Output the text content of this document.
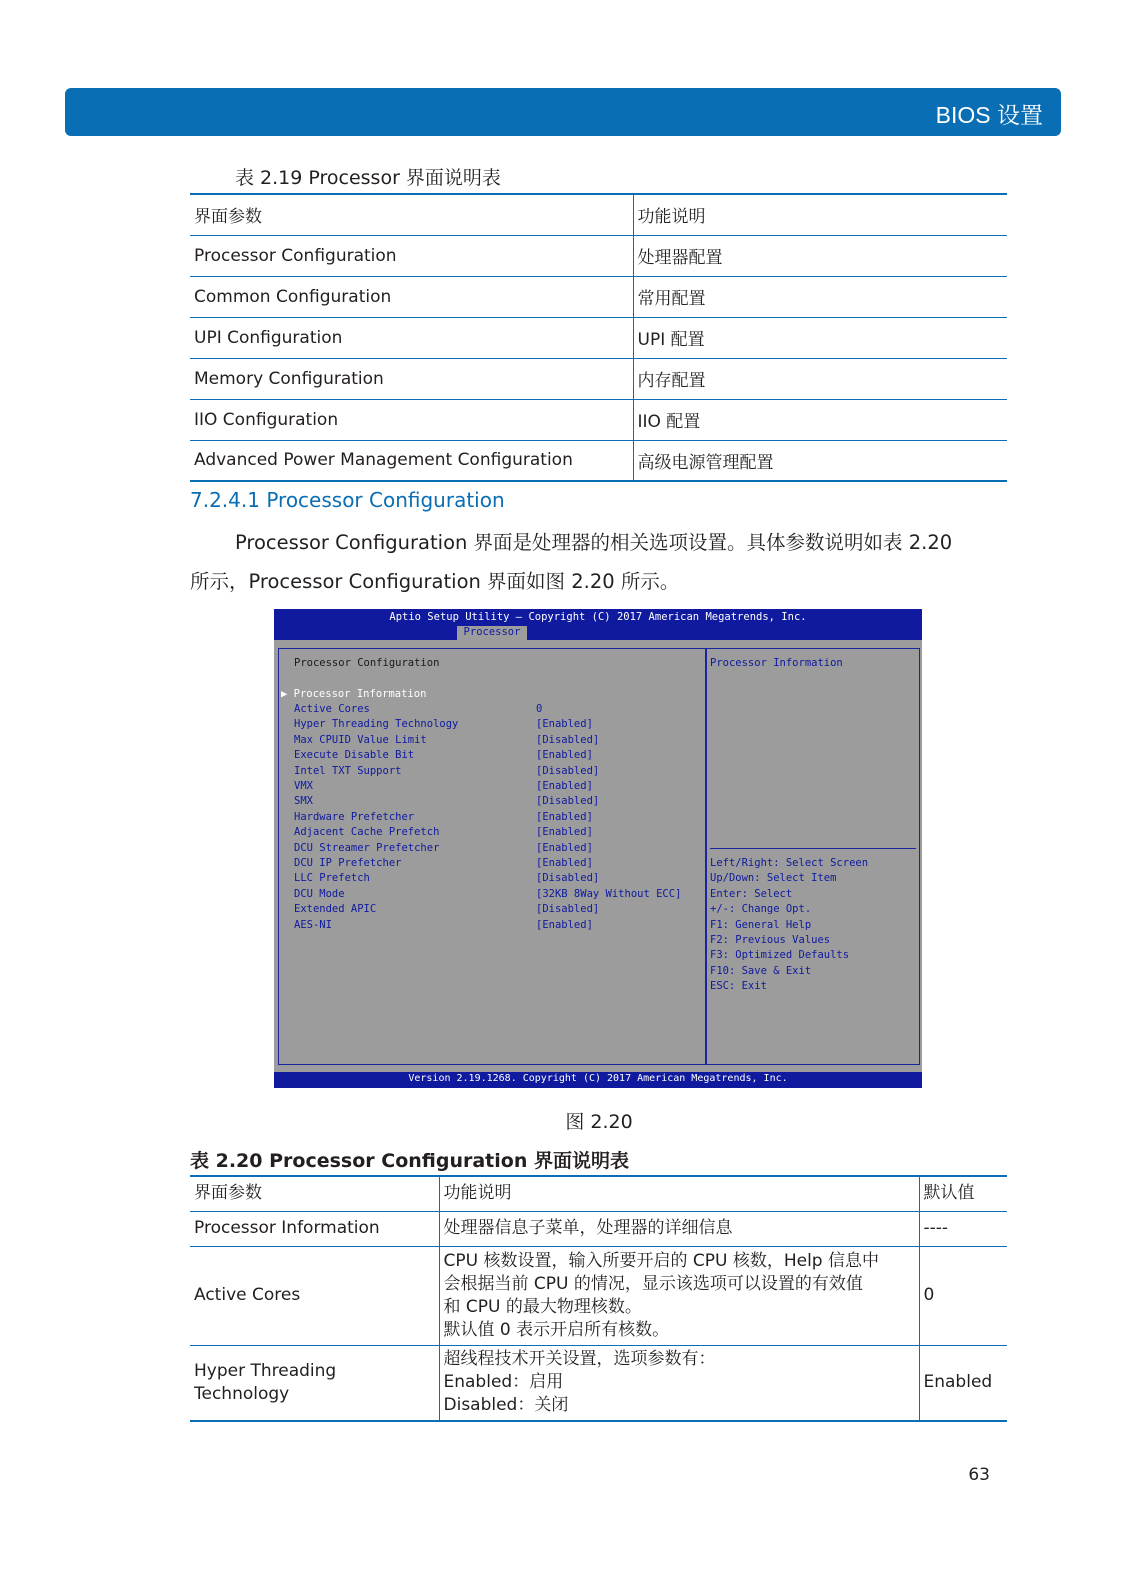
BIOS 设置
表 2.19 Processor 界面说明表
界面参数	功能说明
Processor Configuration	处理器配置
Common Configuration	常用配置
UPI Configuration	UPI 配置
Memory Configuration	内存配置
IIO Configuration	IIO 配置
Advanced Power Management Configuration	高级电源管理配置
7.2.4.1 Processor Configuration
Processor Configuration 界面是处理器的相关选项设置。具体参数说明如表 2.20
所示，Processor Configuration 界面如图 2.20 所示。
Aptio Setup Utility – Copyright (C) 2017 American Megatrends, Inc.
Processor
Processor Configuration
▶ Processor Information
Active Cores	0
Hyper Threading Technology	[Enabled]
Max CPUID Value Limit	[Disabled]
Execute Disable Bit	[Enabled]
Intel TXT Support	[Disabled]
VMX	[Enabled]
SMX	[Disabled]
Hardware Prefetcher	[Enabled]
Adjacent Cache Prefetch	[Enabled]
DCU Streamer Prefetcher	[Enabled]
DCU IP Prefetcher	[Enabled]
LLC Prefetch	[Disabled]
DCU Mode	[32KB 8Way Without ECC]
Extended APIC	[Disabled]
AES-NI	[Enabled]
Processor Information
Left/Right: Select Screen
Up/Down: Select Item
Enter: Select
+/-: Change Opt.
F1: General Help
F2: Previous Values
F3: Optimized Defaults
F10: Save & Exit
ESC: Exit
Version 2.19.1268. Copyright (C) 2017 American Megatrends, Inc.
图 2.20
表 2.20 Processor Configuration 界面说明表
界面参数	功能说明	默认值
Processor Information	处理器信息子菜单，处理器的详细信息	----
Active Cores	CPU 核数设置，输入所要开启的 CPU 核数，Help 信息中
会根据当前 CPU 的情况，显示该选项可以设置的有效值
和 CPU 的最大物理核数。
默认值 0 表示开启所有核数。	0
Hyper Threading Technology	超线程技术开关设置，选项参数有：
Enabled：启用
Disabled：关闭	Enabled
63
